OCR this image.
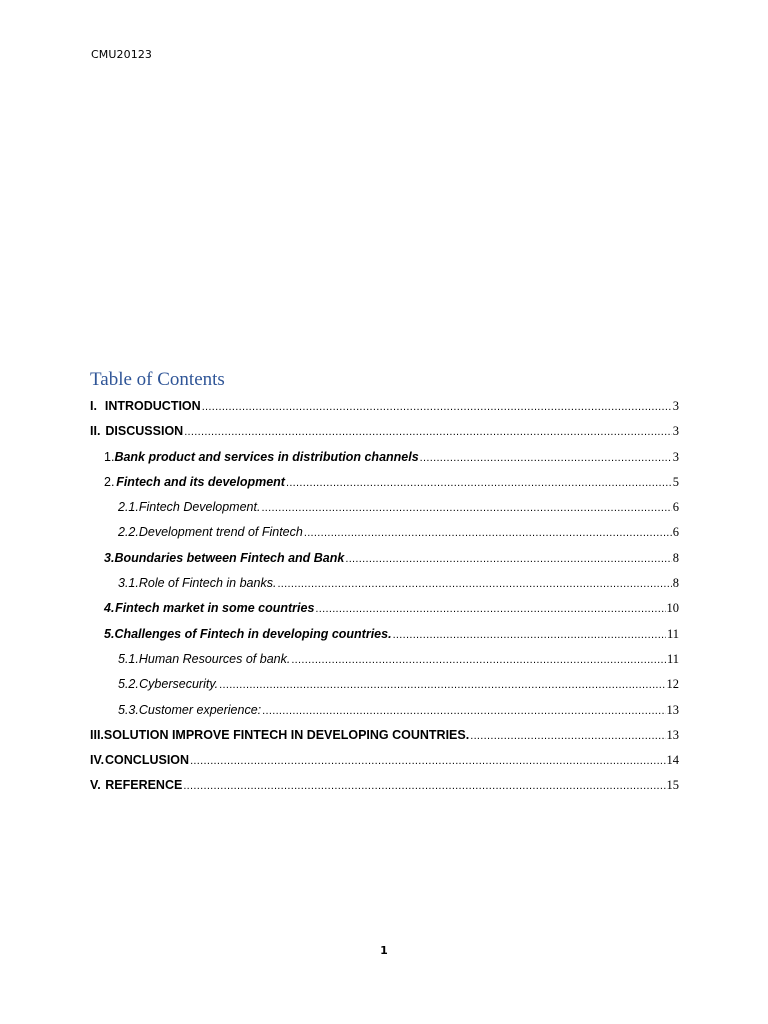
CMU20123
Table of Contents
I. INTRODUCTION .....	3
II. DISCUSSION .....	3
1. Bank product and services in distribution channels .....	3
2. Fintech and its development .....	5
2.1. Fintech Development. .....	6
2.2. Development trend of Fintech .....	6
3. Boundaries between Fintech and Bank .....	8
3.1. Role of Fintech in banks. .....	8
4. Fintech market in some countries .....	10
5. Challenges of Fintech in developing countries. .....	11
5.1. Human Resources of bank. .....	11
5.2. Cybersecurity. .....	12
5.3. Customer experience: .....	13
III. SOLUTION IMPROVE FINTECH IN DEVELOPING COUNTRIES. .....	13
IV. CONCLUSION .....	14
V. REFERENCE .....	15
1
